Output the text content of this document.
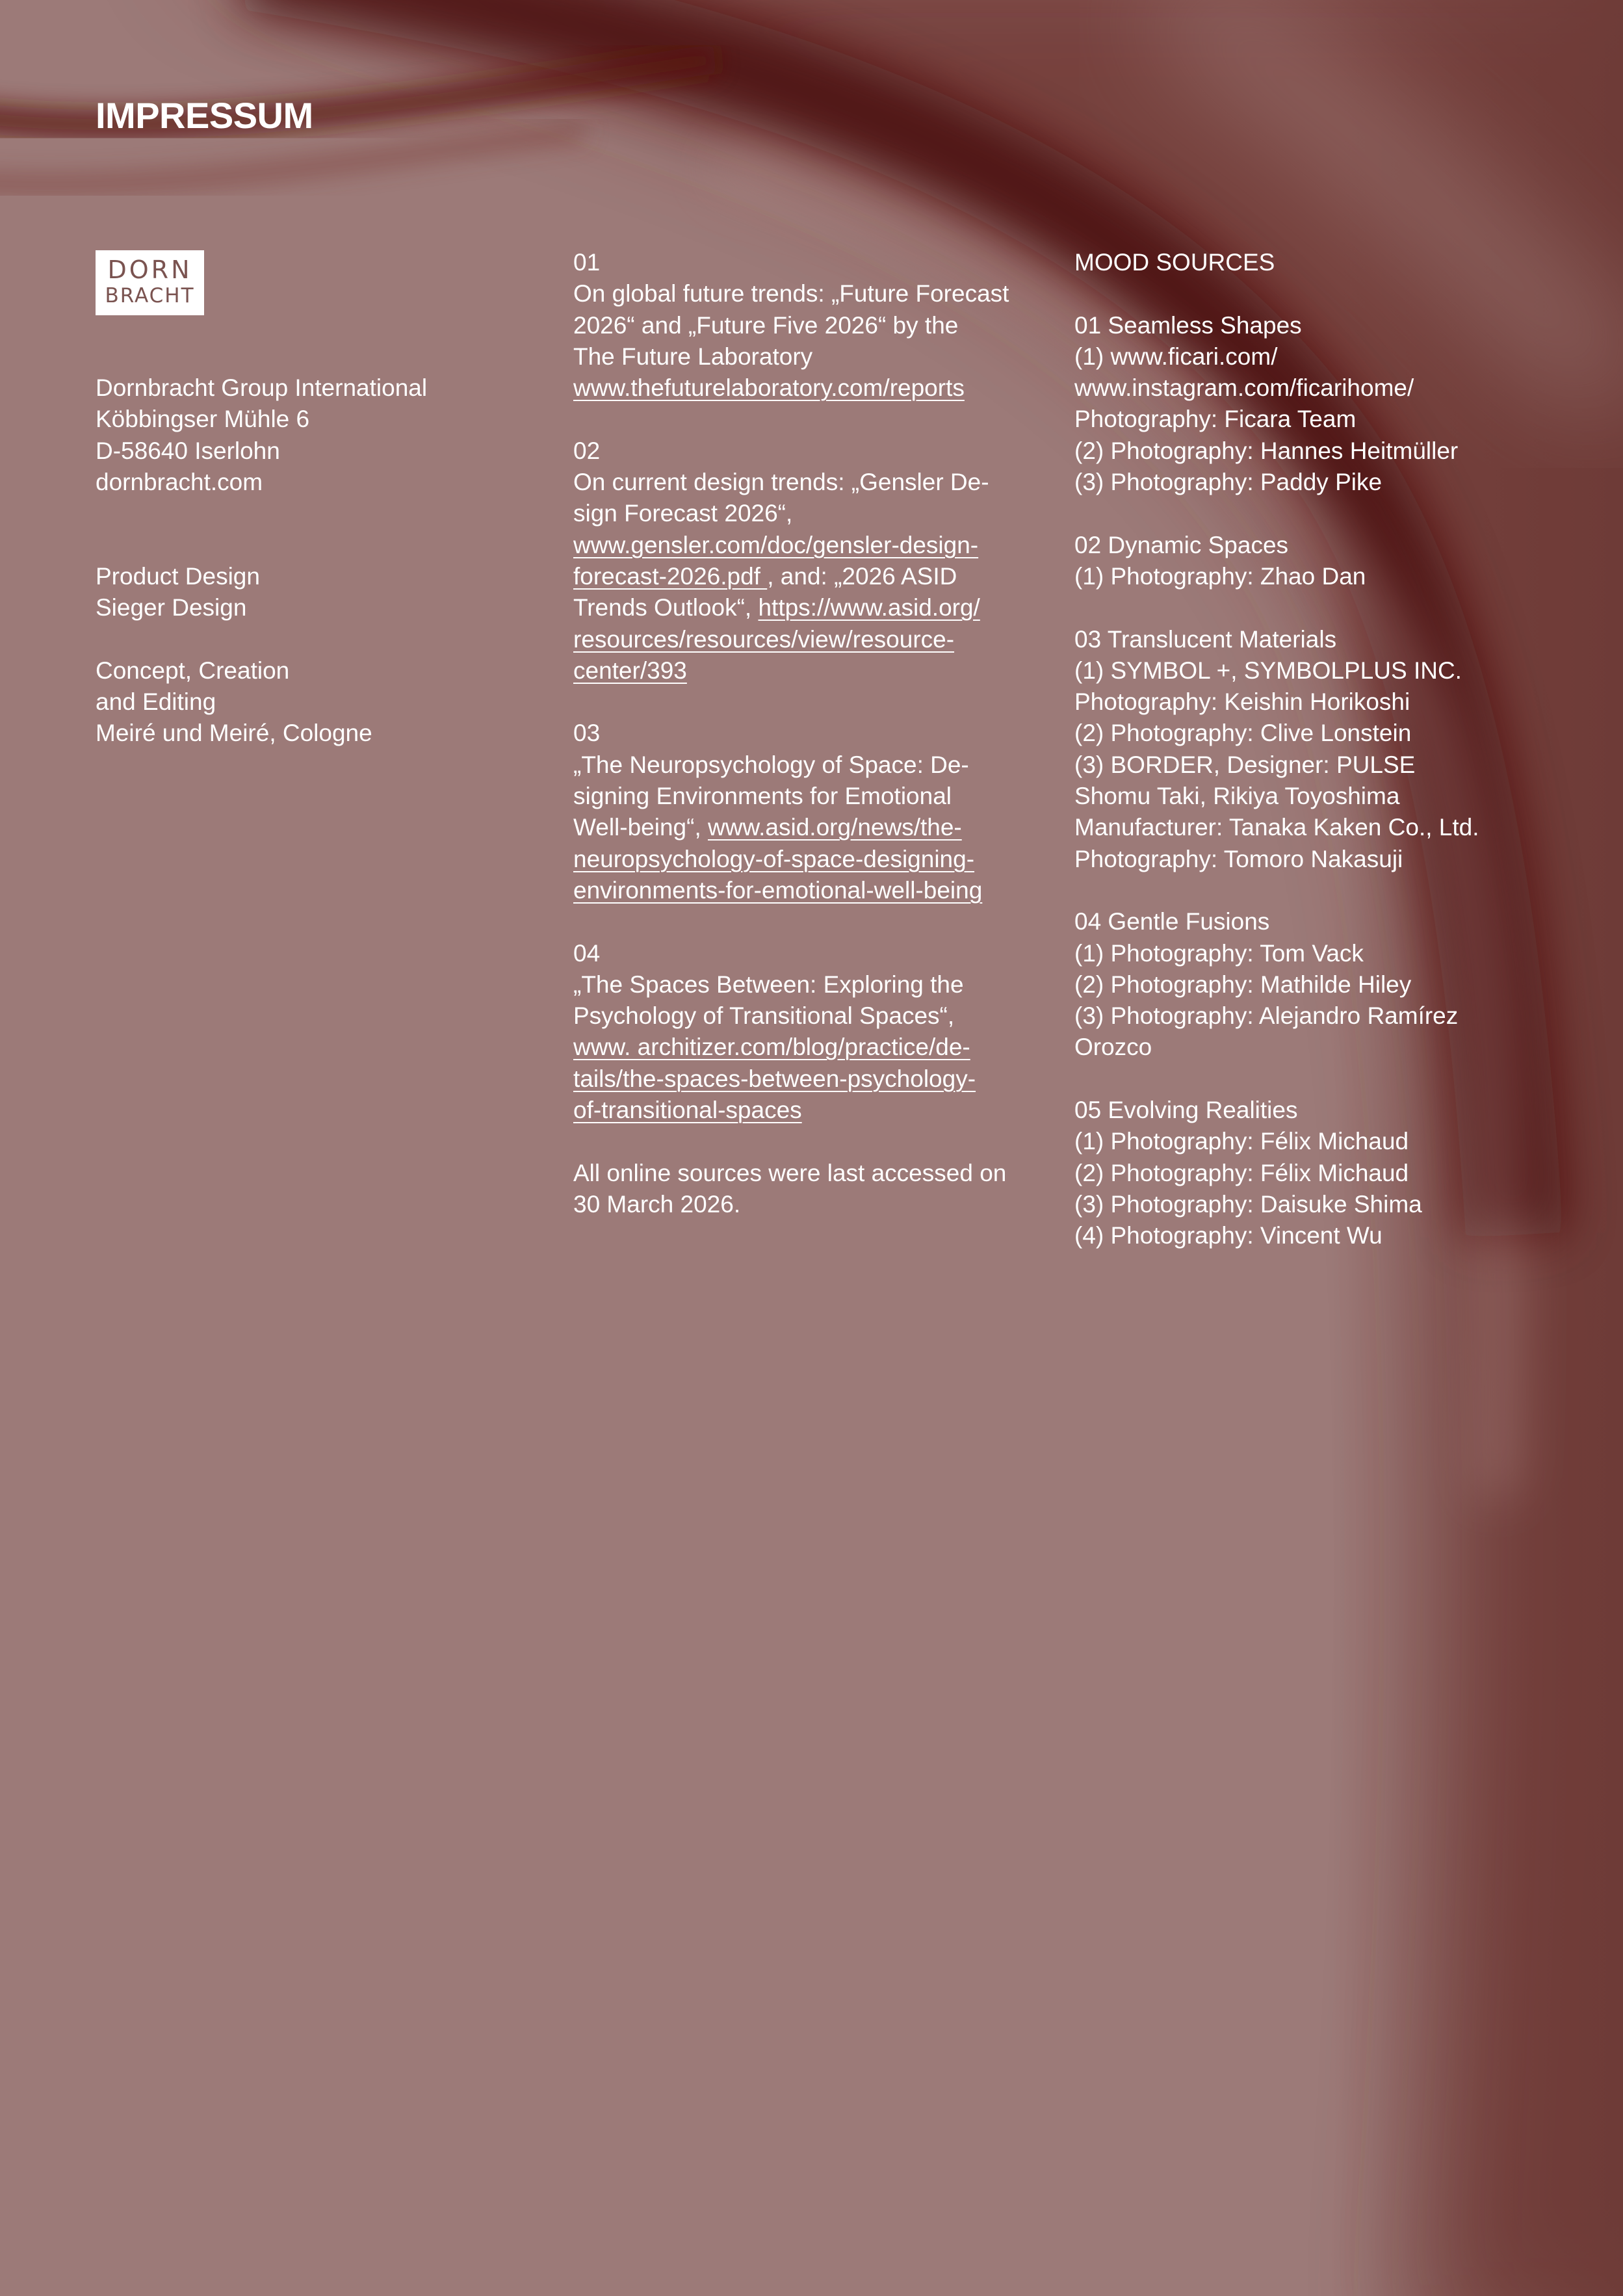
IMPRESSUM
DORN
BRACHT

Dornbracht Group International

Köbbingser Mühle 6

D-58640 Iserlohn

dornbracht.com

Product Design

Sieger Design

Concept, Creation

and Editing

Meiré und Meiré, Cologne

01

On global future trends: „Future Forecast

2026“ and „Future Five 2026“ by the

The Future Laboratory

www.thefuturelaboratory.com/reports

02

On current design trends: „Gensler De-

sign Forecast 2026“,

www.gensler.com/doc/gensler-design-

forecast-2026.pdf , and: „2026 ASID

Trends Outlook“, https://www.asid.org/

resources/resources/view/resource-

center/393

03

„The Neuropsychology of Space: De-

signing Environments for Emotional

Well-being“, www.asid.org/news/the-

neuropsychology-of-space-designing-

environments-for-emotional-well-being

04

„The Spaces Between: Exploring the

Psychology of Transitional Spaces“,

www. architizer.com/blog/practice/de-

tails/the-spaces-between-psychology-

of-transitional-spaces

All online sources were last accessed on

30 March 2026.

MOOD SOURCES

01 Seamless Shapes

(1) www.ficari.com/

www.instagram.com/ficarihome/

Photography: Ficara Team

(2) Photography: Hannes Heitmüller

(3) Photography: Paddy Pike

02 Dynamic Spaces

(1) Photography: Zhao Dan

03 Translucent Materials

(1) SYMBOL +, SYMBOLPLUS INC.

Photography: Keishin Horikoshi

(2) Photography: Clive Lonstein

(3) BORDER, Designer: PULSE

Shomu Taki, Rikiya Toyoshima

Manufacturer: Tanaka Kaken Co., Ltd.

Photography: Tomoro Nakasuji

04 Gentle Fusions

(1) Photography: Tom Vack

(2) Photography: Mathilde Hiley

(3) Photography: Alejandro Ramírez

Orozco

05 Evolving Realities

(1) Photography: Félix Michaud

(2) Photography: Félix Michaud

(3) Photography: Daisuke Shima

(4) Photography: Vincent Wu
